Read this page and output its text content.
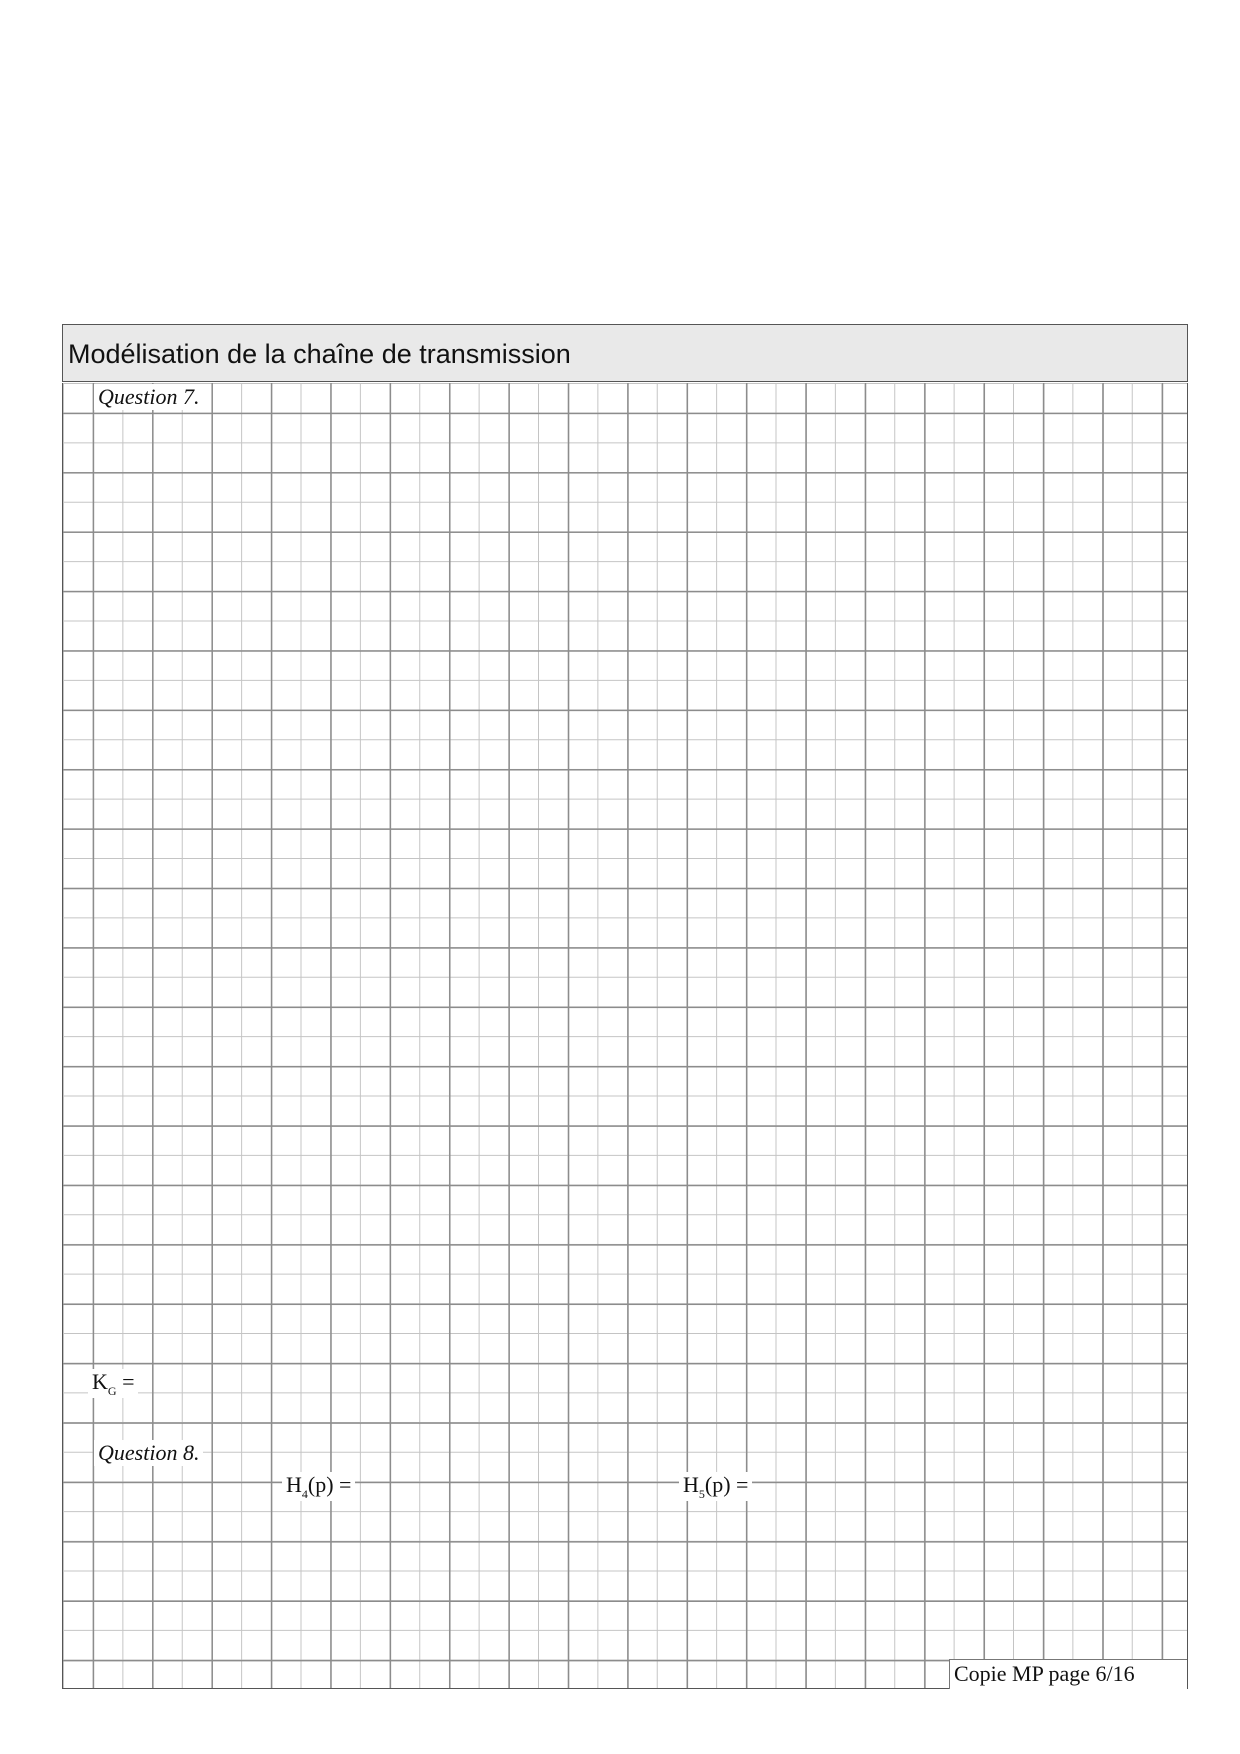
Modélisation de la chaîne de transmission
Question 7.
$K_G$ =
Question 8.
$H_4(p)$ =	$H_5(p)$ =
Copie MP page 6/16
